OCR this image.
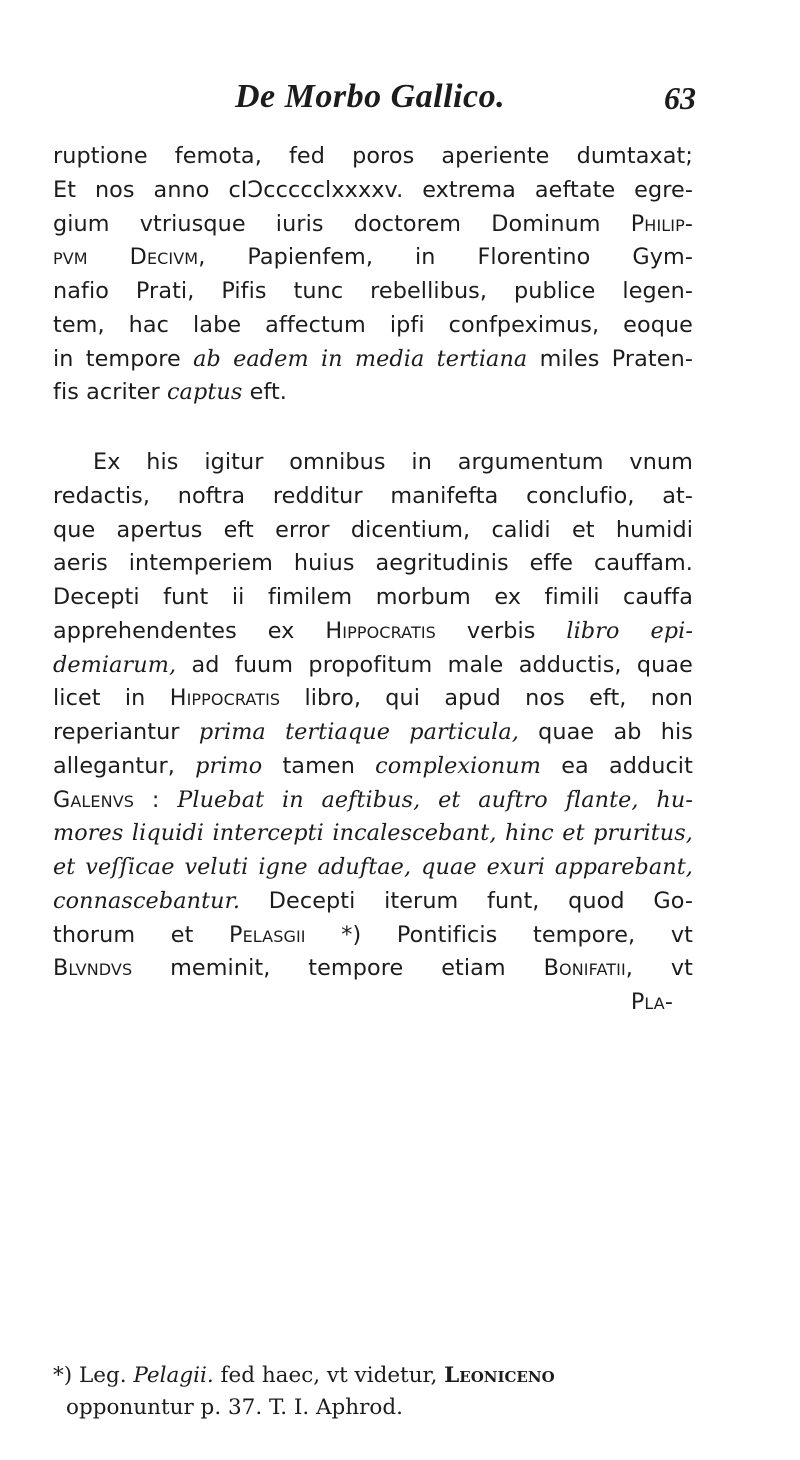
De Morbo Gallico.	63
ruptione femota, fed poros aperiente dumtaxat;
Et nos anno cIↃccccclxxxxv. extrema aeftate egre-
gium vtriusque iuris doctorem Dominum Philip-
pvm Decivm, Papienfem, in Florentino Gym-
nafio Prati, Pifis tunc rebellibus, publice legen-
tem, hac labe affectum ipfi confpeximus, eoque
in tempore ab eadem in media tertiana miles Praten-
fis acriter captus eft.
Ex his igitur omnibus in argumentum vnum
redactis, noftra redditur manifefta conclufio, at-
que apertus eft error dicentium, calidi et humidi
aeris intemperiem huius aegritudinis effe cauffam.
Decepti funt ii fimilem morbum ex fimili cauffa
apprehendentes ex Hippocratis verbis libro epi-
demiarum, ad fuum propofitum male adductis, quae
licet in Hippocratis libro, qui apud nos eft, non
reperiantur prima tertiaque particula, quae ab his
allegantur, primo tamen complexionum ea adducit
Galenvs : Pluebat in aeftibus, et auftro flante, hu-
mores liquidi intercepti incalescebant, hinc et pruritus,
et veſſicae veluti igne aduftae, quae exuri apparebant,
connascebantur. Decepti iterum funt, quod Go-
thorum et Pelasgii *) Pontificis tempore, vt
Blvndvs meminit, tempore etiam Bonifatii, vt
Pla-
*) Leg. Pelagii. fed haec, vt videtur, Leoniceno
opponuntur p. 37. T. I. Aphrod.
